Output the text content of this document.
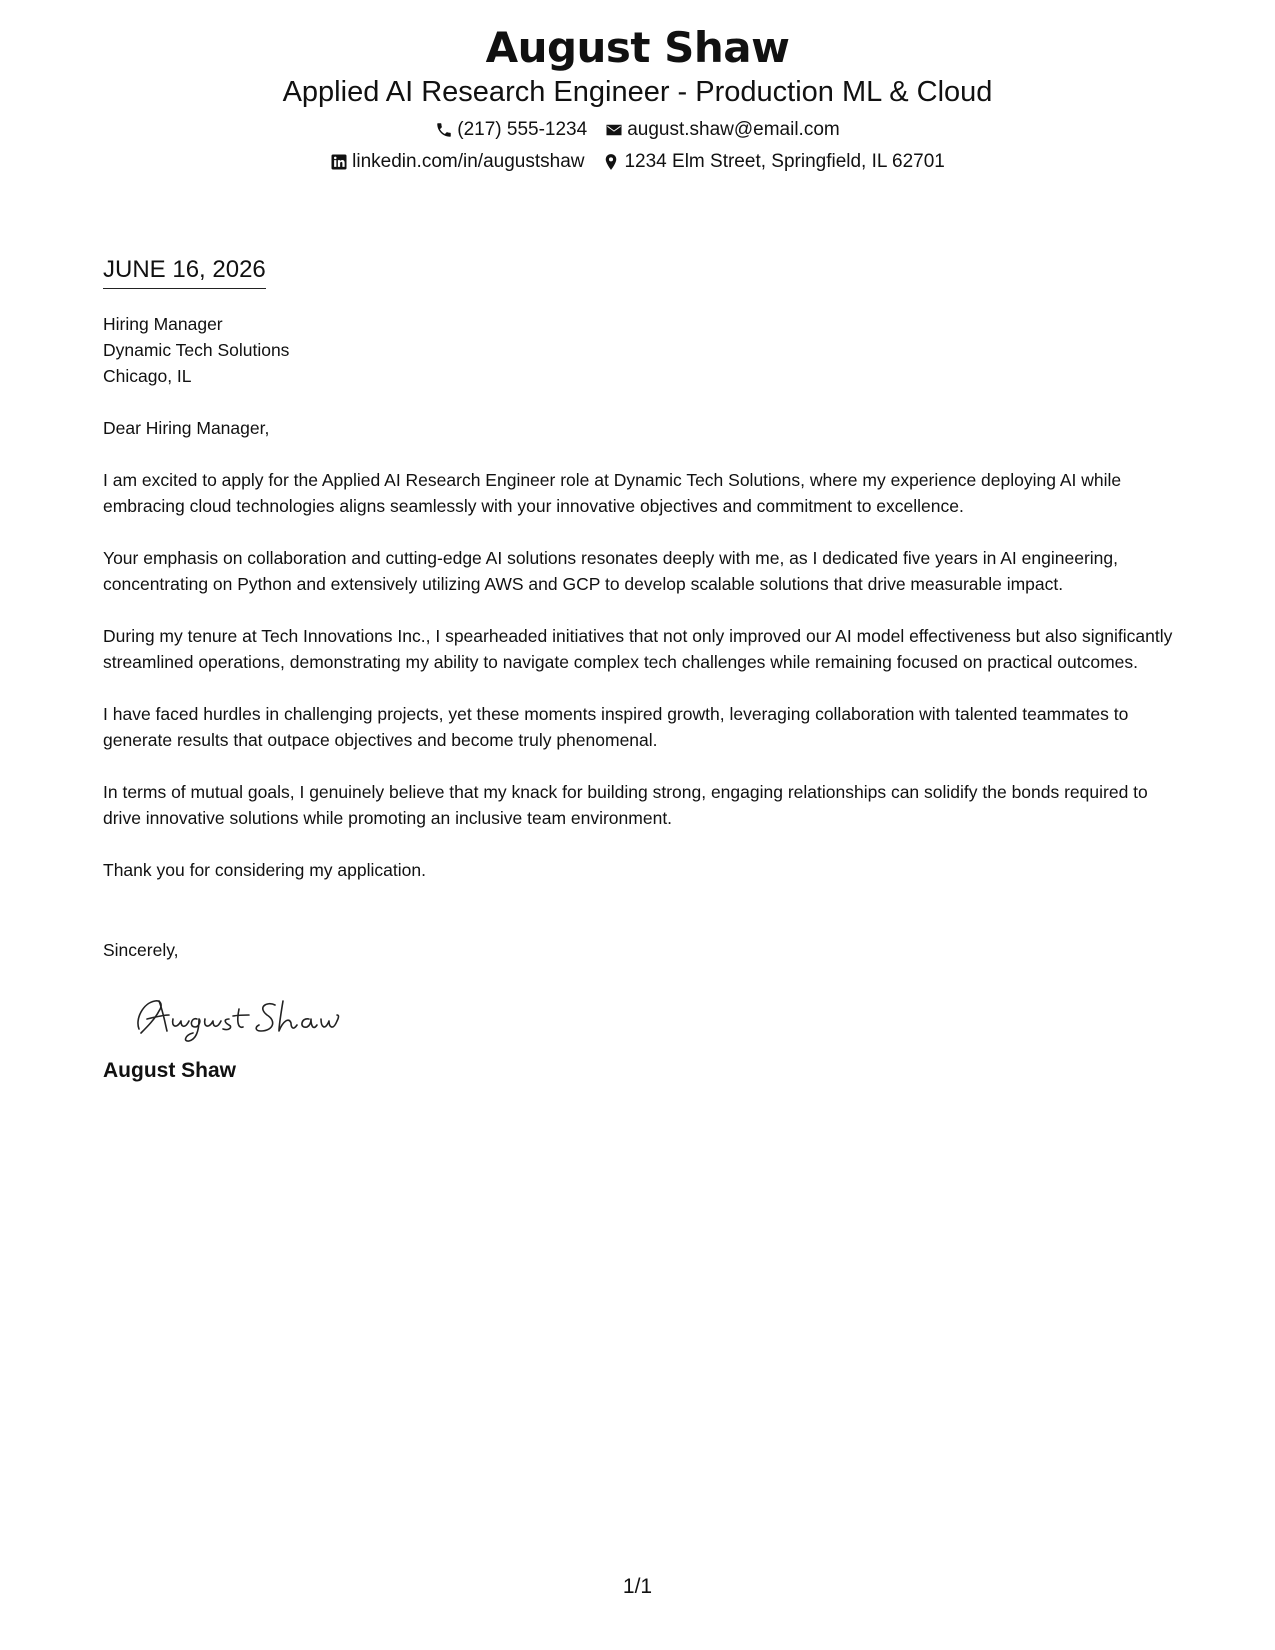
August Shaw

Applied AI Research Engineer - Production ML & Cloud

(217) 555-1234 august.shaw@email.com
linkedin.com/in/augustshaw 1234 Elm Street, Springfield, IL 62701
JUNE 16, 2026
Hiring Manager
Dynamic Tech Solutions
Chicago, IL

Dear Hiring Manager,

I am excited to apply for the Applied AI Research Engineer role at Dynamic Tech Solutions, where my experience deploying AI while embracing cloud technologies aligns seamlessly with your innovative objectives and commitment to excellence.

Your emphasis on collaboration and cutting-edge AI solutions resonates deeply with me, as I dedicated five years in AI engineering, concentrating on Python and extensively utilizing AWS and GCP to develop scalable solutions that drive measurable impact.

During my tenure at Tech Innovations Inc., I spearheaded initiatives that not only improved our AI model effectiveness but also significantly streamlined operations, demonstrating my ability to navigate complex tech challenges while remaining focused on practical outcomes.

I have faced hurdles in challenging projects, yet these moments inspired growth, leveraging collaboration with talented teammates to generate results that outpace objectives and become truly phenomenal.

In terms of mutual goals, I genuinely believe that my knack for building strong, engaging relationships can solidify the bonds required to drive innovative solutions while promoting an inclusive team environment.

Thank you for considering my application.

Sincerely,

August Shaw
1/1
